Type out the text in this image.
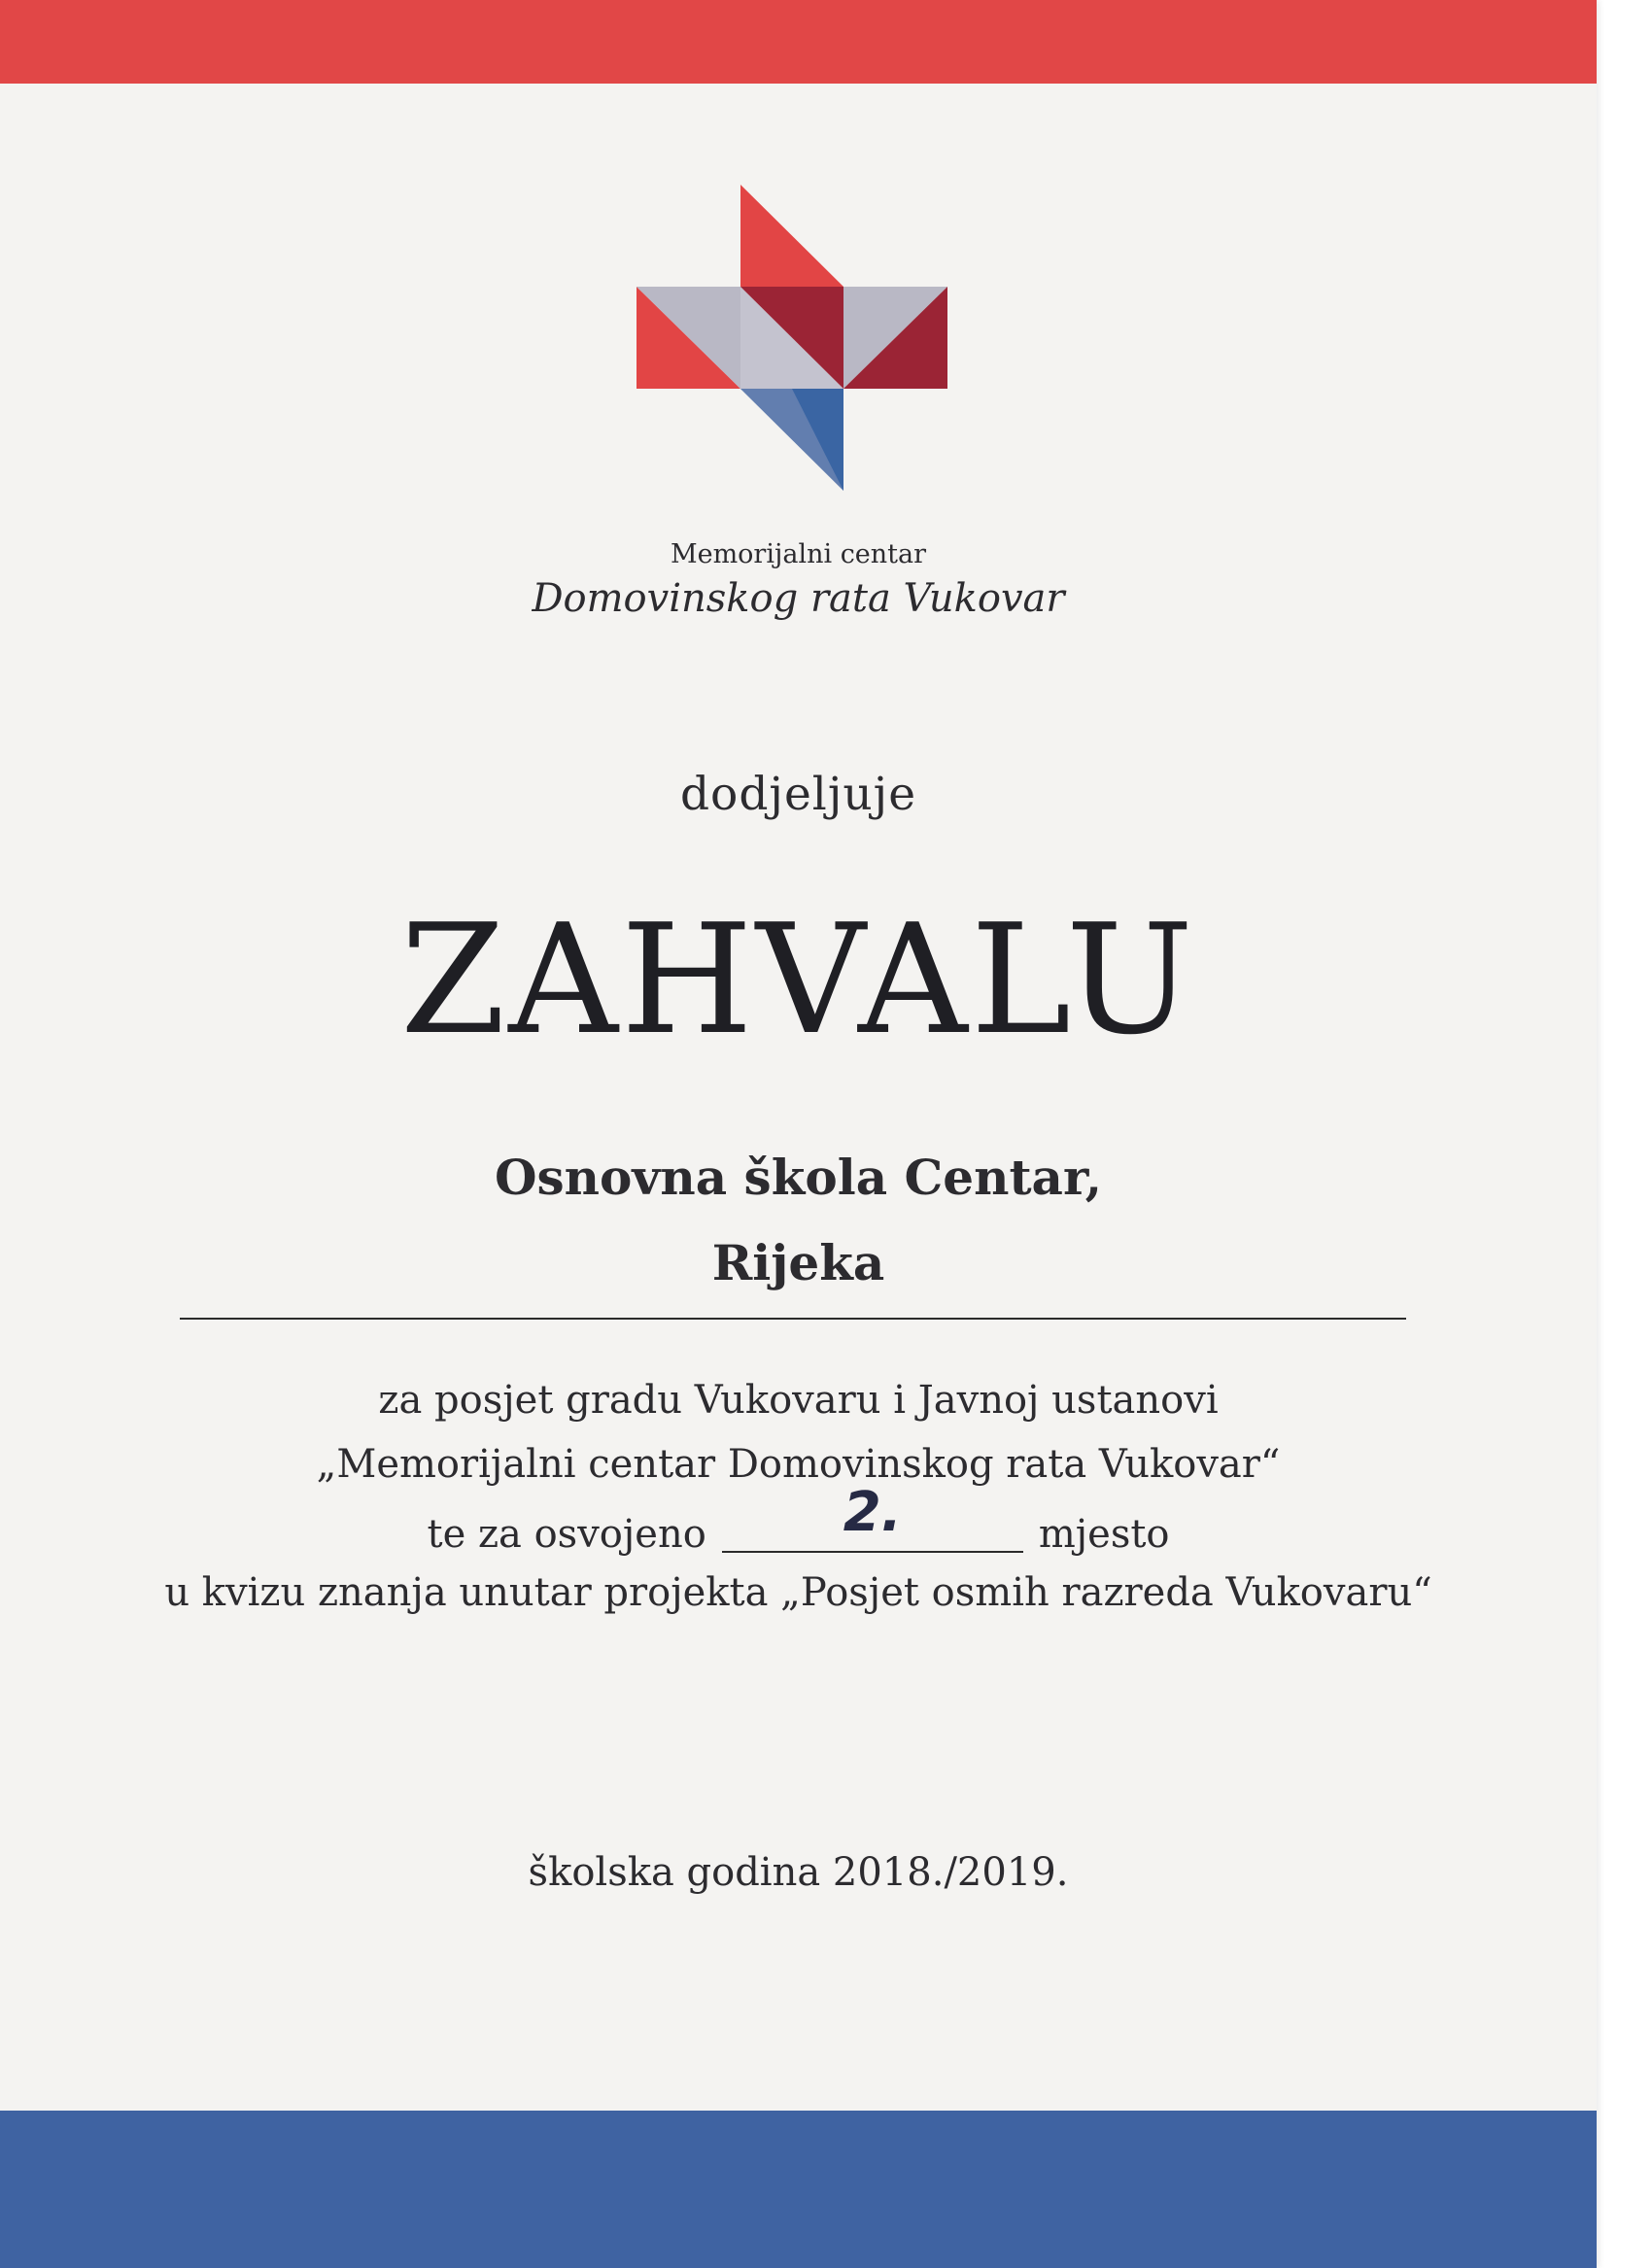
Memorijalni centar
Domovinskog rata Vukovar
dodjeljuje
ZAHVALU
Osnovna škola Centar,
Rijeka
za posjet gradu Vukovaru i Javnoj ustanovi
„Memorijalni centar Domovinskog rata Vukovar“
te za osvojeno	2.	mjesto
u kvizu znanja unutar projekta „Posjet osmih razreda Vukovaru“
školska godina 2018./2019.
